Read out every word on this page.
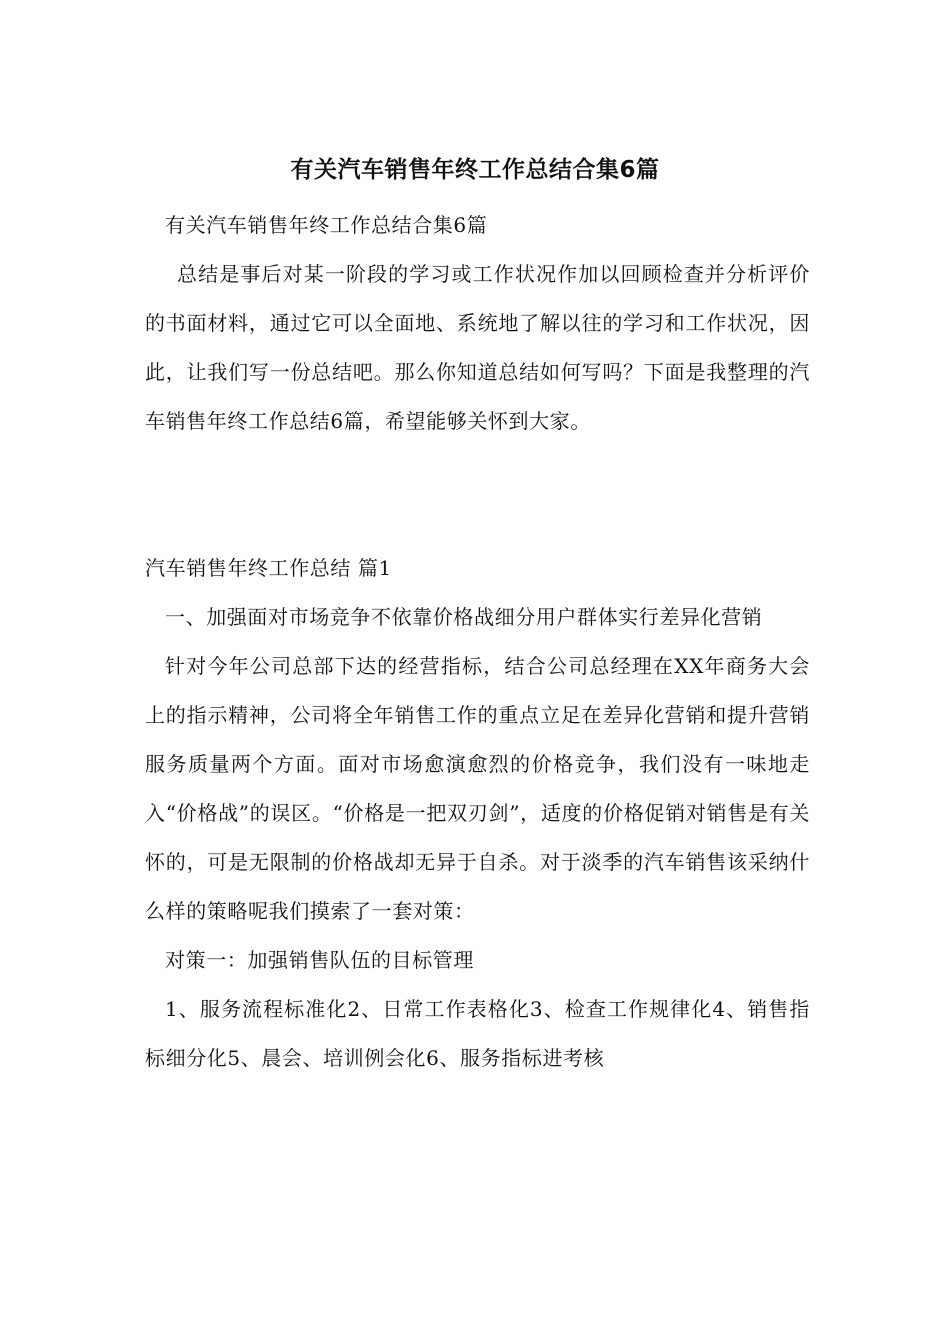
有关汽车销售年终工作总结合集6篇

有关汽车销售年终工作总结合集6篇

总结是事后对某一阶段的学习或工作状况作加以回顾检查并分析评价的书面材料，通过它可以全面地、系统地了解以往的学习和工作状况，因此，让我们写一份总结吧。那么你知道总结如何写吗？下面是我整理的汽车销售年终工作总结6篇，希望能够关怀到大家。

汽车销售年终工作总结 篇1

一、加强面对市场竞争不依靠价格战细分用户群体实行差异化营销

针对今年公司总部下达的经营指标，结合公司总经理在XX年商务大会上的指示精神，公司将全年销售工作的重点立足在差异化营销和提升营销服务质量两个方面。面对市场愈演愈烈的价格竞争，我们没有一味地走入“价格战”的误区。“价格是一把双刃剑”，适度的价格促销对销售是有关怀的，可是无限制的价格战却无异于自杀。对于淡季的汽车销售该采纳什么样的策略呢我们摸索了一套对策：

对策一：加强销售队伍的目标管理

1、服务流程标准化2、日常工作表格化3、检查工作规律化4、销售指标细分化5、晨会、培训例会化6、服务指标进考核
